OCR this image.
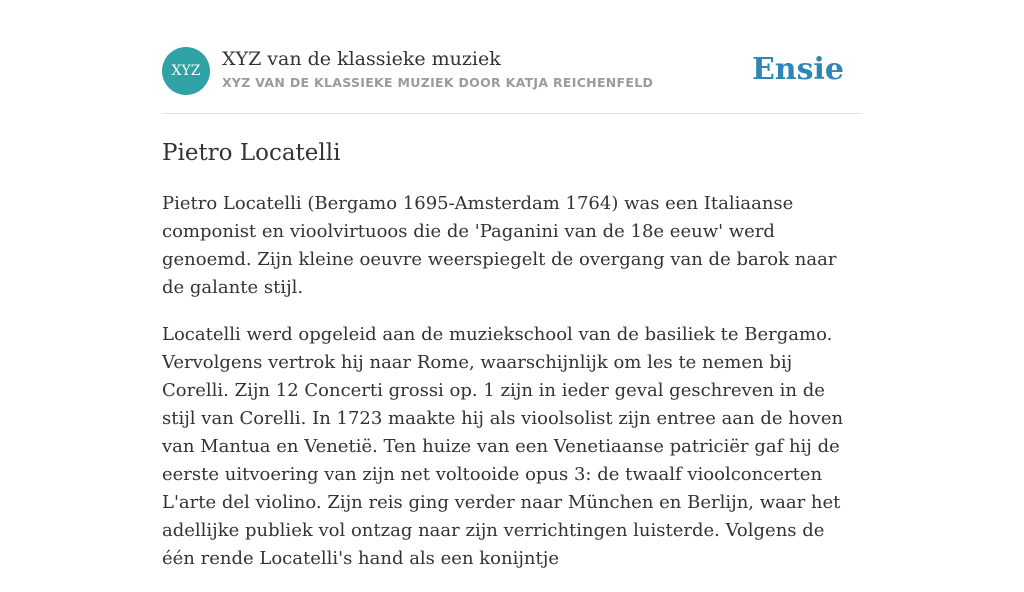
XYZ
XYZ van de klassieke muziek
XYZ VAN DE KLASSIEKE MUZIEK DOOR KATJA REICHENFELD	Ensie
Pietro Locatelli

Pietro Locatelli (Bergamo 1695-Amsterdam 1764) was een Italiaanse componist en vioolvirtuoos die de 'Paganini van de 18e eeuw' werd genoemd. Zijn kleine oeuvre weerspiegelt de overgang van de barok naar de galante stijl.

Locatelli werd opgeleid aan de muziekschool van de basiliek te Bergamo. Vervolgens vertrok hij naar Rome, waarschijnlijk om les te nemen bij Corelli. Zijn 12 Concerti grossi op. 1 zijn in ieder geval geschreven in de stijl van Corelli. In 1723 maakte hij als vioolsolist zijn entree aan de hoven van Mantua en Venetië. Ten huize van een Venetiaanse patriciër gaf hij de eerste uitvoering van zijn net voltooide opus 3: de twaalf vioolconcerten L'arte del violino. Zijn reis ging verder naar München en Berlijn, waar het adellijke publiek vol ontzag naar zijn verrichtingen luisterde. Volgens de één rende Locatelli's hand als een konijntje
